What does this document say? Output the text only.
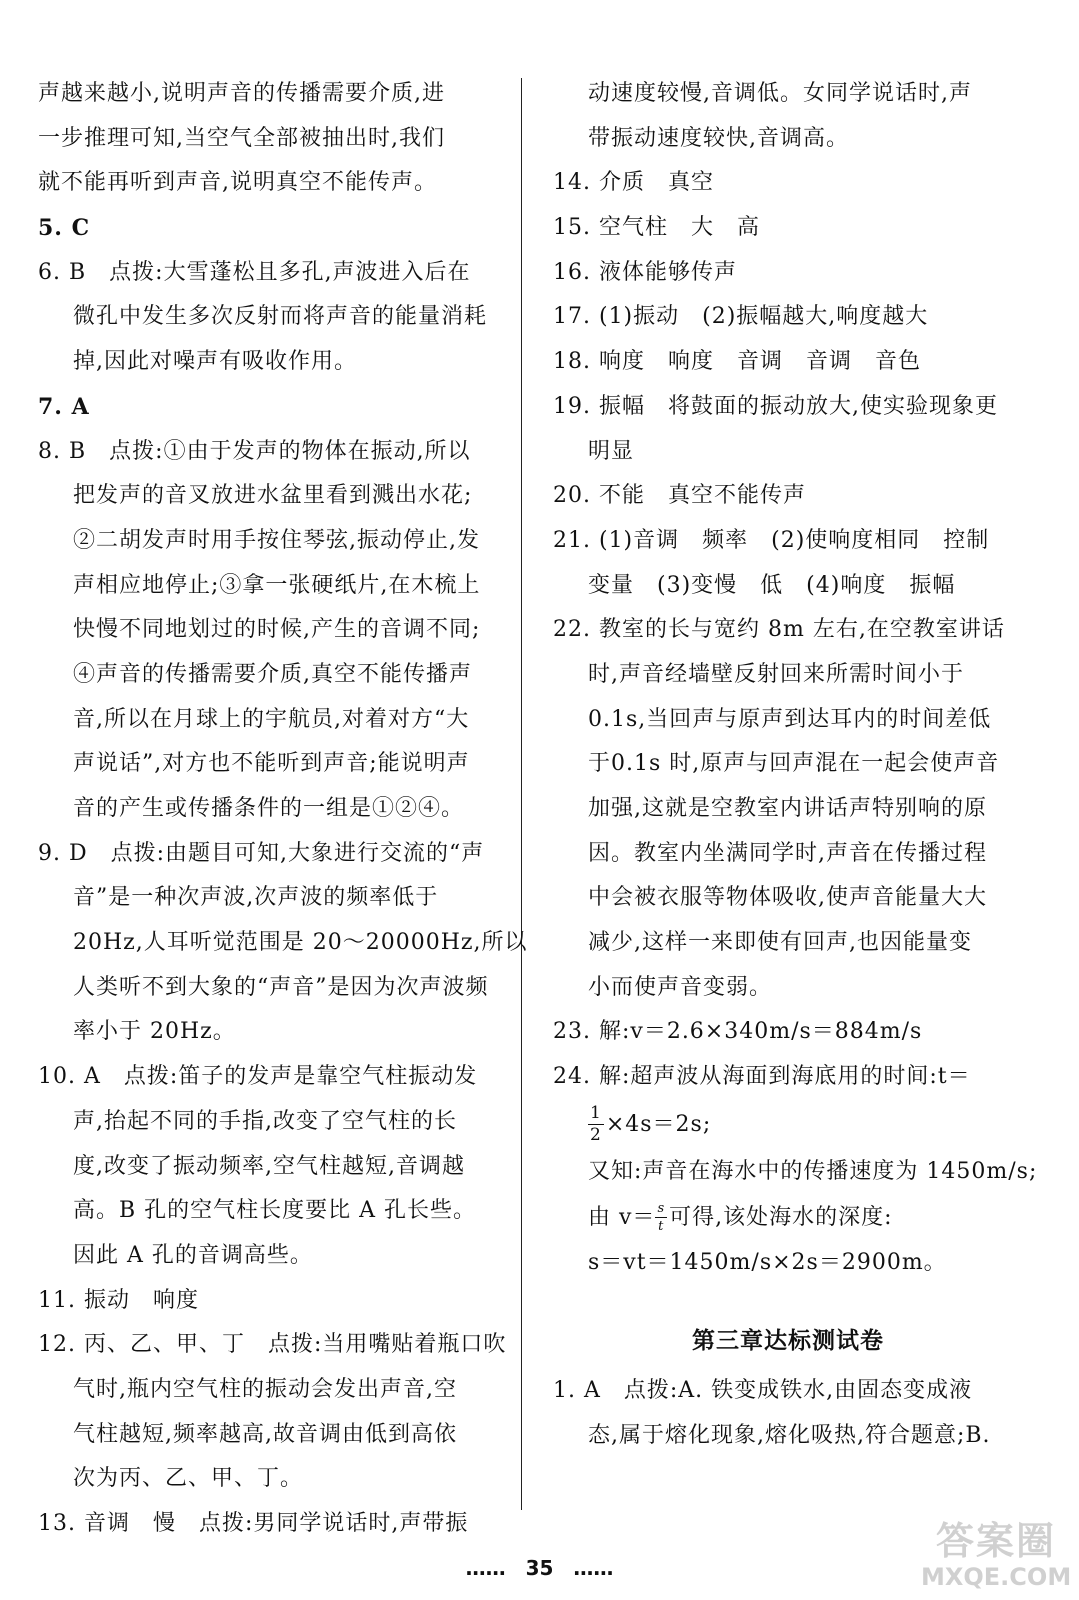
声越来越小,说明声音的传播需要介质,进
一步推理可知,当空气全部被抽出时,我们
就不能再听到声音,说明真空不能传声。
5. C
6. B　点拨:大雪蓬松且多孔,声波进入后在
微孔中发生多次反射而将声音的能量消耗
掉,因此对噪声有吸收作用。
7. A
8. B　点拨:①由于发声的物体在振动,所以
把发声的音叉放进水盆里看到溅出水花;
②二胡发声时用手按住琴弦,振动停止,发
声相应地停止;③拿一张硬纸片,在木梳上
快慢不同地划过的时候,产生的音调不同;
④声音的传播需要介质,真空不能传播声
音,所以在月球上的宇航员,对着对方“大
声说话”,对方也不能听到声音;能说明声
音的产生或传播条件的一组是①②④。
9. D　点拨:由题目可知,大象进行交流的“声
音”是一种次声波,次声波的频率低于
20Hz,人耳听觉范围是 20～20000Hz,所以
人类听不到大象的“声音”是因为次声波频
率小于 20Hz。
10. A　点拨:笛子的发声是靠空气柱振动发
声,抬起不同的手指,改变了空气柱的长
度,改变了振动频率,空气柱越短,音调越
高。B 孔的空气柱长度要比 A 孔长些。
因此 A 孔的音调高些。
11. 振动　响度
12. 丙、乙、甲、丁　点拨:当用嘴贴着瓶口吹
气时,瓶内空气柱的振动会发出声音,空
气柱越短,频率越高,故音调由低到高依
次为丙、乙、甲、丁。
13. 音调　慢　点拨:男同学说话时,声带振
动速度较慢,音调低。女同学说话时,声
带振动速度较快,音调高。
14. 介质　真空
15. 空气柱　大　高
16. 液体能够传声
17. (1)振动　(2)振幅越大,响度越大
18. 响度　响度　音调　音调　音色
19. 振幅　将鼓面的振动放大,使实验现象更
明显
20. 不能　真空不能传声
21. (1)音调　频率　(2)使响度相同　控制
变量　(3)变慢　低　(4)响度　振幅
22. 教室的长与宽约 8m 左右,在空教室讲话
时,声音经墙壁反射回来所需时间小于
0.1s,当回声与原声到达耳内的时间差低
于0.1s 时,原声与回声混在一起会使声音
加强,这就是空教室内讲话声特别响的原
因。教室内坐满同学时,声音在传播过程
中会被衣服等物体吸收,使声音能量大大
减少,这样一来即使有回声,也因能量变
小而使声音变弱。
23. 解:v＝2.6×340m/s＝884m/s
24. 解:超声波从海面到海底用的时间:t＝
$\frac{1}{2} \times 4s=2s$;
又知:声音在海水中的传播速度为 1450m/s;
由 $v= \frac{s}{t}$ 可得,该处海水的深度:
s＝vt＝1450m/s×2s＝2900m。
第三章达标测试卷
1. A　点拨:A. 铁变成铁水,由固态变成液
态,属于熔化现象,熔化吸热,符合题意;B.
……　35　……
答案圈
MXQE.COM
